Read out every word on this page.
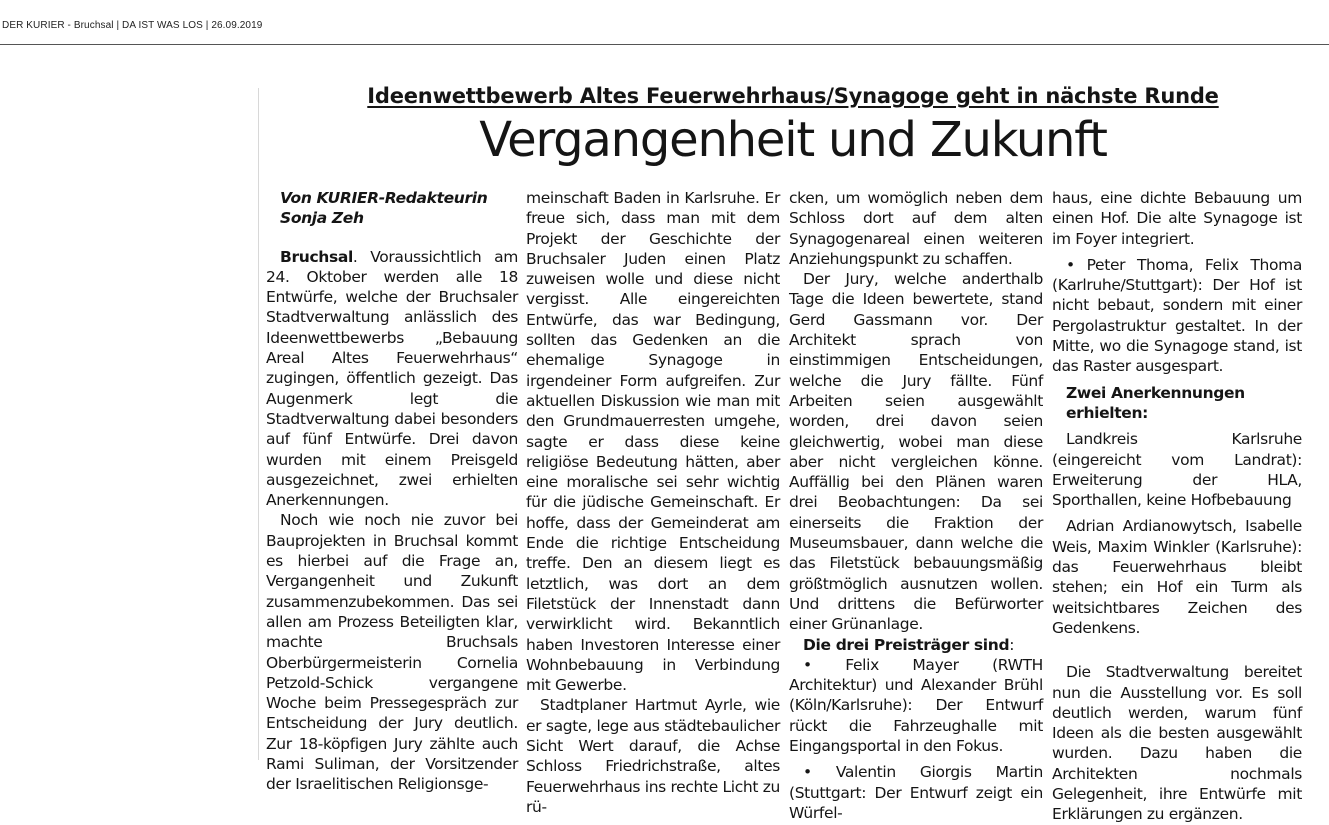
DER KURIER - Bruchsal | DA IST WAS LOS | 26.09.2019
Ideenwettbewerb Altes Feuerwehrhaus/Synagoge geht in nächste Runde
Vergangenheit und Zukunft

Von KURIER-Redakteurin
Sonja Zeh

Bruchsal. Voraussichtlich am 24. Oktober werden alle 18 Entwürfe, welche der Bruchsaler Stadtverwaltung anlässlich des Ideenwettbewerbs „Bebauung Areal Altes Feuerwehrhaus“ zugingen, öffentlich gezeigt. Das Augenmerk legt die Stadtverwaltung dabei besonders auf fünf Entwürfe. Drei davon wurden mit einem Preisgeld ausgezeichnet, zwei erhielten Anerkennungen.

Noch wie noch nie zuvor bei Bauprojekten in Bruchsal kommt es hierbei auf die Frage an, Vergangenheit und Zukunft zusammenzubekommen. Das sei allen am Prozess Beteiligten klar, machte Bruchsals Oberbürgermeisterin Cornelia Petzold-Schick vergangene Woche beim Pressegespräch zur Entscheidung der Jury deutlich. Zur 18-köpfigen Jury zählte auch Rami Suliman, der Vorsitzender der Israelitischen Religionsge-

meinschaft Baden in Karlsruhe. Er freue sich, dass man mit dem Projekt der Geschichte der Bruchsaler Juden einen Platz zuweisen wolle und diese nicht vergisst. Alle eingereichten Entwürfe, das war Bedingung, sollten das Gedenken an die ehemalige Synagoge in irgendeiner Form aufgreifen. Zur aktuellen Diskussion wie man mit den Grundmauerresten umgehe, sagte er dass diese keine religiöse Bedeutung hätten, aber eine moralische sei sehr wichtig für die jüdische Gemeinschaft. Er hoffe, dass der Gemeinderat am Ende die richtige Entscheidung treffe. Den an diesem liegt es letztlich, was dort an dem Filetstück der Innenstadt dann verwirklicht wird. Bekanntlich haben Investoren Interesse einer Wohnbebauung in Verbindung mit Gewerbe.

Stadtplaner Hartmut Ayrle, wie er sagte, lege aus städtebaulicher Sicht Wert darauf, die Achse Schloss Friedrichstraße, altes Feuerwehrhaus ins rechte Licht zu rü-

cken, um womöglich neben dem Schloss dort auf dem alten Synagogenareal einen weiteren Anziehungspunkt zu schaffen.

Der Jury, welche anderthalb Tage die Ideen bewertete, stand Gerd Gassmann vor. Der Architekt sprach von einstimmigen Entscheidungen, welche die Jury fällte. Fünf Arbeiten seien ausgewählt worden, drei davon seien gleichwertig, wobei man diese aber nicht vergleichen könne. Auffällig bei den Plänen waren drei Beobachtungen: Da sei einerseits die Fraktion der Museumsbauer, dann welche die das Filetstück bebauungsmäßig größtmöglich ausnutzen wollen. Und drittens die Befürworter einer Grünanlage.

Die drei Preisträger sind:

• Felix Mayer (RWTH Architektur) und Alexander Brühl (Köln/Karlsruhe): Der Entwurf rückt die Fahrzeughalle mit Eingangsportal in den Fokus.

• Valentin Giorgis Martin (Stuttgart: Der Entwurf zeigt ein Würfel-

haus, eine dichte Bebauung um einen Hof. Die alte Synagoge ist im Foyer integriert.

• Peter Thoma, Felix Thoma (Karlruhe/Stuttgart): Der Hof ist nicht bebaut, sondern mit einer Pergolastruktur gestaltet. In der Mitte, wo die Synagoge stand, ist das Raster ausgespart.

Zwei Anerkennungen erhielten:

Landkreis Karlsruhe (eingereicht vom Landrat): Erweiterung der HLA, Sporthallen, keine Hofbebauung

Adrian Ardianowytsch, Isabelle Weis, Maxim Winkler (Karlsruhe): das Feuerwehrhaus bleibt stehen; ein Hof ein Turm als weitsichtbares Zeichen des Gedenkens.

Die Stadtverwaltung bereitet nun die Ausstellung vor. Es soll deutlich werden, warum fünf Ideen als die besten ausgewählt wurden. Dazu haben die Architekten nochmals Gelegenheit, ihre Entwürfe mit Erklärungen zu ergänzen.
